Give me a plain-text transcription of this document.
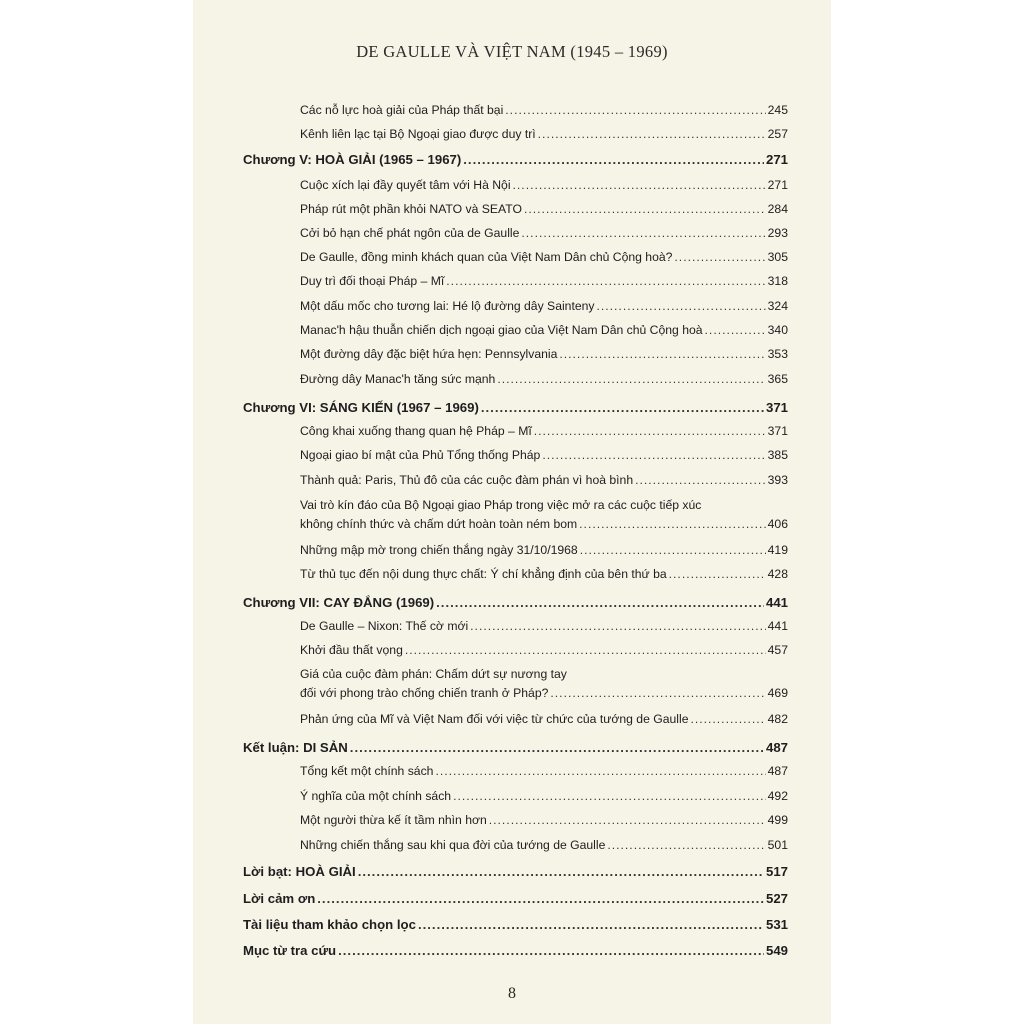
DE GAULLE VÀ VIỆT NAM (1945 – 1969)
Các nỗ lực hoà giải của Pháp thất bại .....	245
Kênh liên lạc tại Bộ Ngoại giao được duy trì .....	257
Chương V: HOÀ GIẢI (1965 – 1967) .....	271
Cuộc xích lại đầy quyết tâm với Hà Nội .....	271
Pháp rút một phần khỏi NATO và SEATO .....	284
Cởi bỏ hạn chế phát ngôn của de Gaulle .....	293
De Gaulle, đồng minh khách quan của Việt Nam Dân chủ Cộng hoà? .....	305
Duy trì đối thoại Pháp – Mĩ .....	318
Một dấu mốc cho tương lai: Hé lộ đường dây Sainteny .....	324
Manac'h hậu thuẫn chiến dịch ngoại giao của Việt Nam Dân chủ Cộng hoà .....	340
Một đường dây đặc biệt hứa hẹn: Pennsylvania .....	353
Đường dây Manac'h tăng sức mạnh .....	365
Chương VI: SÁNG KIẾN (1967 – 1969) .....	371
Công khai xuống thang quan hệ Pháp – Mĩ .....	371
Ngoại giao bí mật của Phủ Tổng thống Pháp .....	385
Thành quả: Paris, Thủ đô của các cuộc đàm phán vì hoà bình .....	393
Vai trò kín đáo của Bộ Ngoại giao Pháp trong việc mở ra các cuộc tiếp xúc
không chính thức và chấm dứt hoàn toàn ném bom .....	406
Những mập mờ trong chiến thắng ngày 31/10/1968 .....	419
Từ thủ tục đến nội dung thực chất: Ý chí khẳng định của bên thứ ba .....	428
Chương VII: CAY ĐẮNG (1969) .....	441
De Gaulle – Nixon: Thế cờ mới .....	441
Khởi đầu thất vọng .....	457
Giá của cuộc đàm phán: Chấm dứt sự nương tay
đối với phong trào chống chiến tranh ở Pháp? .....	469
Phản ứng của Mĩ và Việt Nam đối với việc từ chức của tướng de Gaulle .....	482
Kết luận: DI SẢN .....	487
Tổng kết một chính sách .....	487
Ý nghĩa của một chính sách .....	492
Một người thừa kế ít tầm nhìn hơn .....	499
Những chiến thắng sau khi qua đời của tướng de Gaulle .....	501
Lời bạt: HOÀ GIẢI .....	517
Lời cảm ơn .....	527
Tài liệu tham khảo chọn lọc .....	531
Mục từ tra cứu .....	549
8
